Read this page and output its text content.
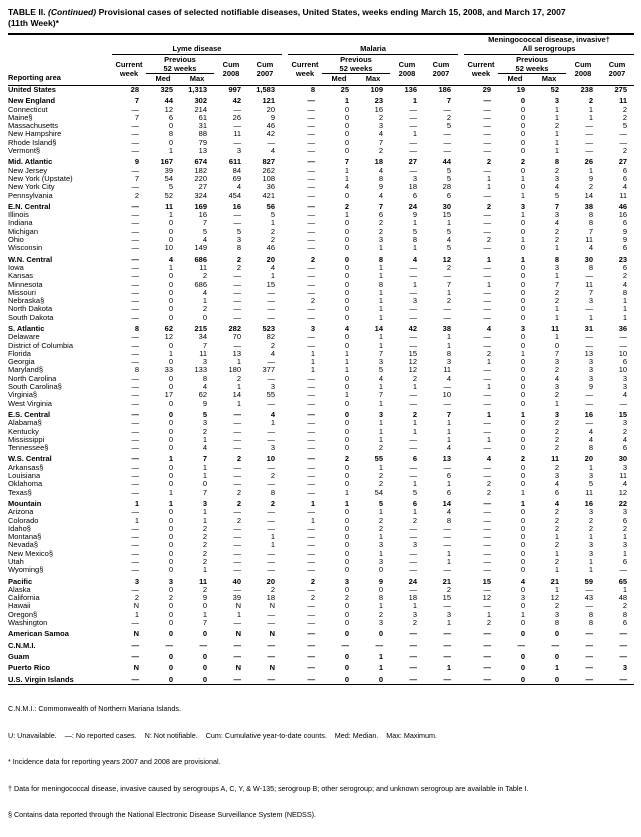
TABLE II. (Continued) Provisional cases of selected notifiable diseases, United States, weeks ending March 15, 2008, and March 17, 2007
(11th Week)*
Reporting area	Lyme disease						Malaria						Meningococcal disease, invasive†
All serogroups				

	Current week	Previous 52 weeks		Cum 2008	Cum 2007		Current week	Previous 52 weeks		Cum 2008	Cum 2007		Current week	Previous 52 weeks		Cum 2008	Cum 2007
		Med	Max					Med	Max					Med	Max		
United States	28	325	1,313	997	1,583		8	25	109	136	186		29	19	52	238	275
New England	7	44	302	42	121		—	1	23	1	7		—	0	3	2	11
Connecticut	—	12	214	—	20		—	0	16	—	—		—	0	1	1	2
Maine§	7	6	61	26	9		—	0	2	—	2		—	0	1	1	2
Massachusetts	—	0	31	—	46		—	0	3	—	5		—	0	2	—	5
New Hampshire	—	8	88	11	42		—	0	4	1	—		—	0	1	—	—
Rhode Island§	—	0	79	—	—		—	0	7	—	—		—	0	1	—	—
Vermont§	—	1	13	3	4		—	0	2	—	—		—	0	1	—	2
Mid. Atlantic	9	167	674	611	827		—	7	18	27	44		2	2	8	26	27
New Jersey	—	39	182	84	262		—	1	4	—	5		—	0	2	1	6
New York (Upstate)	7	54	220	69	108		—	1	8	3	5		1	1	3	9	6
New York City	—	5	27	4	36		—	4	9	18	28		1	0	4	2	4
Pennsylvania	2	52	324	454	421		—	0	4	6	6		—	1	5	14	11
E.N. Central	—	11	169	16	56		—	2	7	24	30		2	3	7	38	46
Illinois	—	1	16	—	5		—	1	6	9	15		—	1	3	8	16
Indiana	—	0	7	—	1		—	0	2	1	1		—	0	4	8	6
Michigan	—	0	5	5	2		—	0	2	5	5		—	0	2	7	9
Ohio	—	0	4	3	2		—	0	3	8	4		2	1	2	11	9
Wisconsin	—	10	149	8	46		—	0	1	1	5		—	0	1	4	6
W.N. Central	—	4	686	2	20		2	0	8	4	12		1	1	8	30	23
Iowa	—	1	11	2	4		—	0	1	—	2		—	0	3	8	6
Kansas	—	0	2	—	1		—	0	1	—	—		—	0	1	—	2
Minnesota	—	0	686	—	15		—	0	8	1	7		1	0	7	11	4
Missouri	—	0	4	—	—		—	0	1	—	1		—	0	2	7	8
Nebraska§	—	0	1	—	—		2	0	1	3	2		—	0	2	3	1
North Dakota	—	0	2	—	—		—	0	1	—	—		—	0	1	—	1
South Dakota	—	0	0	—	—		—	0	1	—	—		—	0	1	1	1
S. Atlantic	8	62	215	282	523		3	4	14	42	38		4	3	11	31	36
Delaware	—	12	34	70	82		—	0	1	—	1		—	0	1	—	—
District of Columbia	—	0	7	—	2		—	0	1	—	1		—	0	0	—	—
Florida	—	1	11	13	4		1	1	7	15	8		2	1	7	13	10
Georgia	—	0	3	1	—		1	1	3	12	3		1	0	3	3	6
Maryland§	8	33	133	180	377		1	1	5	12	11		—	0	2	3	10
North Carolina	—	0	8	2	—		—	0	4	2	4		—	0	4	3	3
South Carolina§	—	0	4	1	3		—	0	1	1	—		1	0	3	9	3
Virginia§	—	17	62	14	55		—	1	7	—	10		—	0	2	—	4
West Virginia	—	0	9	1	—		—	0	1	—	—		—	0	1	—	—
E.S. Central	—	0	5	—	4		—	0	3	2	7		1	1	3	16	15
Alabama§	—	0	3	—	1		—	0	1	1	1		—	0	2	—	3
Kentucky	—	0	2	—	—		—	0	1	1	1		—	0	2	4	2
Mississippi	—	0	1	—	—		—	0	1	—	1		1	0	2	4	4
Tennessee§	—	0	4	—	3		—	0	2	—	4		—	0	2	8	6
W.S. Central	—	1	7	2	10		—	2	55	6	13		4	2	11	20	30
Arkansas§	—	0	1	—	—		—	0	1	—	—		—	0	2	1	3
Louisiana	—	0	1	—	2		—	0	2	—	6		—	0	3	3	11
Oklahoma	—	0	0	—	—		—	0	2	1	1		2	0	4	5	4
Texas§	—	1	7	2	8		—	1	54	5	6		2	1	6	11	12
Mountain	1	1	3	2	2		1	1	5	6	14		—	1	4	16	22
Arizona	—	0	1	—	—		—	0	1	1	4		—	0	2	3	3
Colorado	1	0	1	2	—		1	0	2	2	8		—	0	2	2	6
Idaho§	—	0	2	—	—		—	0	2	—	—		—	0	2	2	2
Montana§	—	0	2	—	1		—	0	1	—	—		—	0	1	1	1
Nevada§	—	0	2	—	1		—	0	3	3	—		—	0	2	3	3
New Mexico§	—	0	2	—	—		—	0	1	—	1		—	0	1	3	1
Utah	—	0	2	—	—		—	0	3	—	1		—	0	2	1	6
Wyoming§	—	0	1	—	—		—	0	0	—	—		—	0	1	1	—
Pacific	3	3	11	40	20		2	3	9	24	21		15	4	21	59	65
Alaska	—	0	2	—	2		—	0	0	—	2		—	0	1	—	1
California	2	2	9	39	18		2	2	8	18	15		12	3	12	43	48
Hawaii	N	0	0	N	N		—	0	1	1	—		—	0	2	—	2
Oregon§	1	0	1	1	—		—	0	2	3	3		1	1	3	8	8
Washington	—	0	7	—	—		—	0	3	2	1		2	0	8	8	6
American Samoa	N	0	0	N	N		—	0	0	—	—		—	0	0	—	—
C.N.M.I.	—	—	—	—	—		—	—	—	—	—		—	—	—	—	—
Guam	—	0	0	—	—		—	0	1	—	—		—	0	0	—	—
Puerto Rico	N	0	0	N	N		—	0	1	—	1		—	0	1	—	3
U.S. Virgin Islands	—	0	0	—	—		—	0	0	—	—		—	0	0	—	—

C.N.M.I.: Commonwealth of Northern Mariana Islands.

U: Unavailable.    —: No reported cases.    N: Not notifiable.    Cum: Cumulative year-to-date counts.    Med: Median.    Max: Maximum.

* Incidence data for reporting years 2007 and 2008 are provisional.

† Data for meningococcal disease, invasive caused by serogroups A, C, Y, & W-135; serogroup B; other serogroup; and unknown serogroup are available in Table I.

§ Contains data reported through the National Electronic Disease Surveillance System (NEDSS).
